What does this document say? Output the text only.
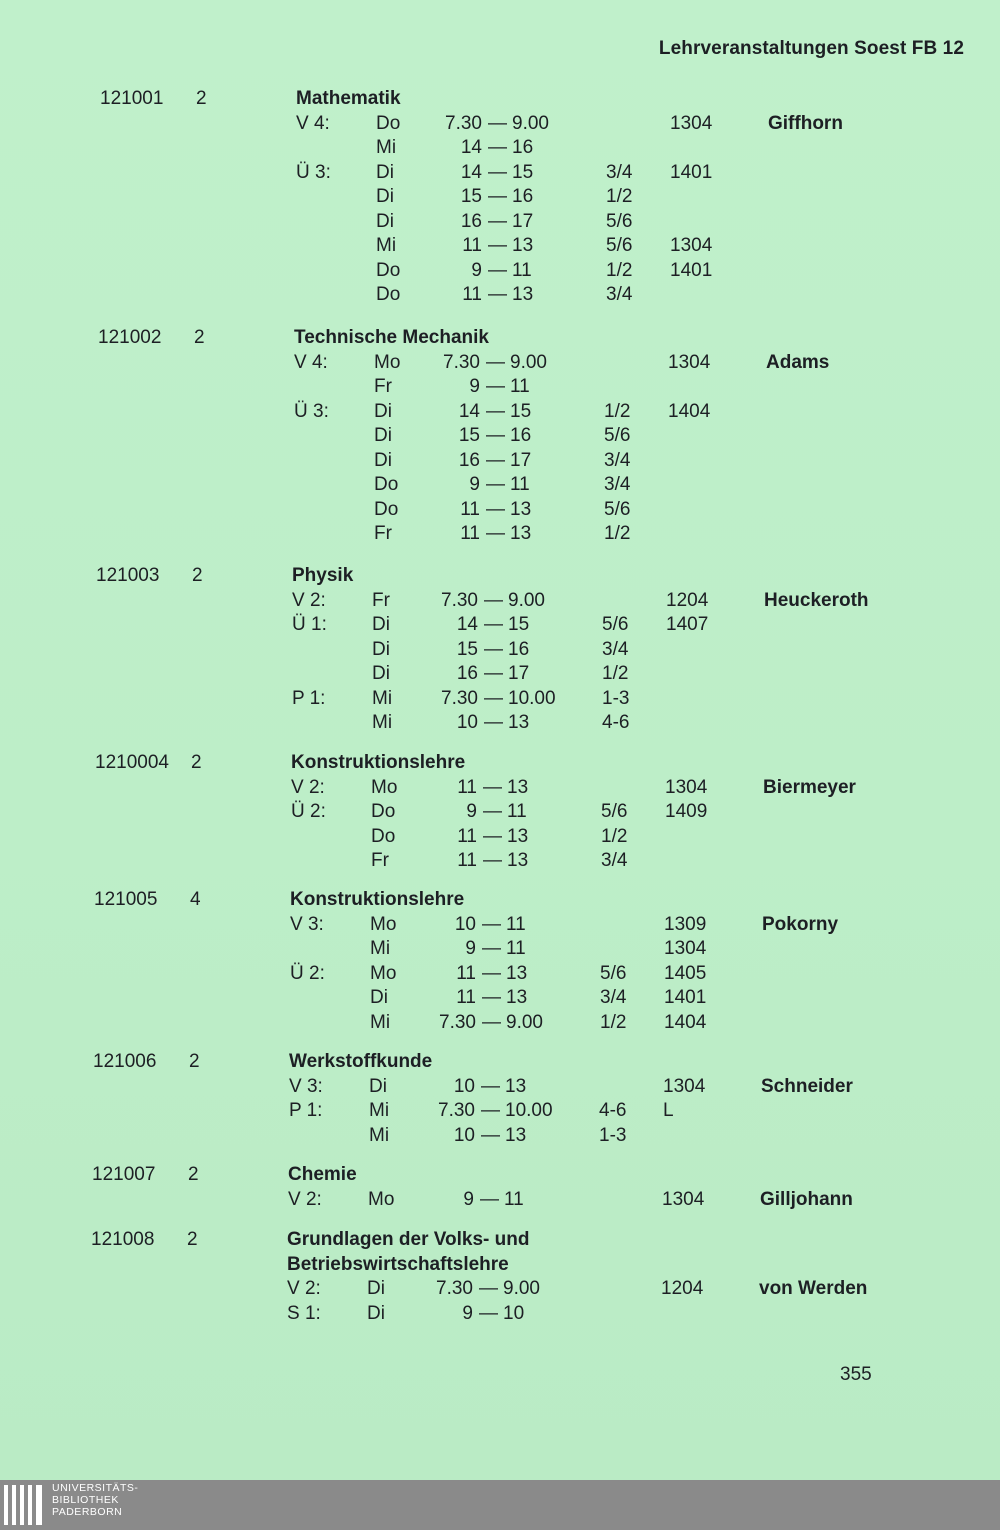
Lehrveranstaltungen Soest FB 12
121001 2	Mathematik
V 4: Do	7.30 — 9.00	1304	Giffhorn
Mi	14 — 16
Ü 3: Di	14 — 15	3/4 1401
Di	15 — 16	1/2
Di	16 — 17	5/6
Mi	11 — 13	5/6 1304
Do	9 — 11	1/2 1401
Do	11 — 13	3/4
121002 2	Technische Mechanik
V 4: Mo	7.30 — 9.00	1304	Adams
Fr	9 — 11
Ü 3: Di	14 — 15	1/2 1404
Di	15 — 16	5/6
Di	16 — 17	3/4
Do	9 — 11	3/4
Do	11 — 13	5/6
Fr	11 — 13	1/2
121003 2	Physik
V 2: Fr	7.30 — 9.00	1204	Heuckeroth
Ü 1: Di	14 — 15	5/6 1407
Di	15 — 16	3/4
Di	16 — 17	1/2
P 1: Mi	7.30 — 10.00	1-3
Mi	10 — 13	4-6
1210004 2	Konstruktionslehre
V 2: Mo	11 — 13	1304	Biermeyer
Ü 2: Do	9 — 11	5/6 1409
Do	11 — 13	1/2
Fr	11 — 13	3/4
121005 4	Konstruktionslehre
V 3: Mo	10 — 11	1309	Pokorny
Mi	9 — 11	1304
Ü 2: Mo	11 — 13	5/6 1405
Di	11 — 13	3/4 1401
Mi	7.30 — 9.00	1/2 1404
121006 2	Werkstoffkunde
V 3: Di	10 — 13	1304	Schneider
P 1: Mi	7.30 — 10.00	4-6 L
Mi	10 — 13	1-3
121007 2	Chemie
V 2: Mo	9 — 11	1304	Gilljohann
121008 2	Grundlagen der Volks- und
Betriebswirtschaftslehre
V 2: Di	7.30 — 9.00	1204	von Werden
S 1: Di	9 — 10
355
UNIVERSITÄTS-
BIBLIOTHEK
PADERBORN
